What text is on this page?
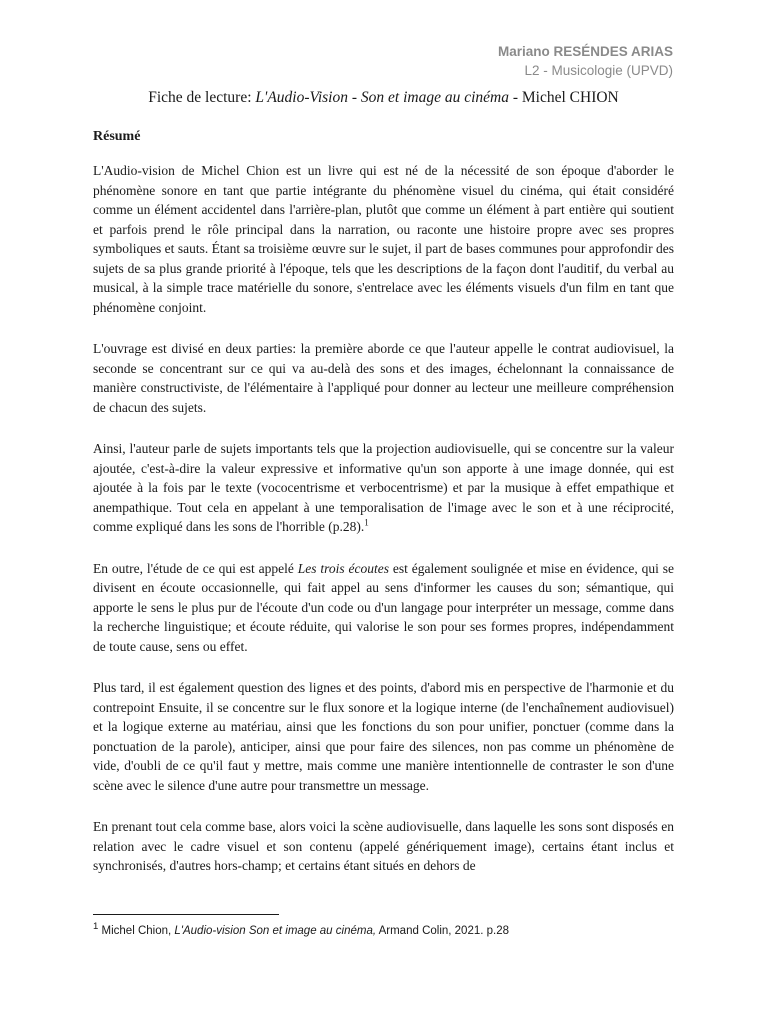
Mariano RESÉNDES ARIAS
L2 - Musicologie (UPVD)
Fiche de lecture: L'Audio-Vision - Son et image au cinéma - Michel CHION
Résumé

L'Audio-vision de Michel Chion est un livre qui est né de la nécessité de son époque d'aborder le phénomène sonore en tant que partie intégrante du phénomène visuel du cinéma, qui était considéré comme un élément accidentel dans l'arrière-plan, plutôt que comme un élément à part entière qui soutient et parfois prend le rôle principal dans la narration, ou raconte une histoire propre avec ses propres symboliques et sauts. Étant sa troisième œuvre sur le sujet, il part de bases communes pour approfondir des sujets de sa plus grande priorité à l'époque, tels que les descriptions de la façon dont l'auditif, du verbal au musical, à la simple trace matérielle du sonore, s'entrelace avec les éléments visuels d'un film en tant que phénomène conjoint.

L'ouvrage est divisé en deux parties: la première aborde ce que l'auteur appelle le contrat audiovisuel, la seconde se concentrant sur ce qui va au-delà des sons et des images, échelonnant la connaissance de manière constructiviste, de l'élémentaire à l'appliqué pour donner au lecteur une meilleure compréhension de chacun des sujets.

Ainsi, l'auteur parle de sujets importants tels que la projection audiovisuelle, qui se concentre sur la valeur ajoutée, c'est-à-dire la valeur expressive et informative qu'un son apporte à une image donnée, qui est ajoutée à la fois par le texte (vococentrisme et verbocentrisme) et par la musique à effet empathique et anempathique. Tout cela en appelant à une temporalisation de l'image avec le son et à une réciprocité, comme expliqué dans les sons de l'horrible (p.28).$^1$

En outre, l'étude de ce qui est appelé Les trois écoutes est également soulignée et mise en évidence, qui se divisent en écoute occasionnelle, qui fait appel au sens d'informer les causes du son; sémantique, qui apporte le sens le plus pur de l'écoute d'un code ou d'un langage pour interpréter un message, comme dans la recherche linguistique; et écoute réduite, qui valorise le son pour ses formes propres, indépendamment de toute cause, sens ou effet.

Plus tard, il est également question des lignes et des points, d'abord mis en perspective de l'harmonie et du contrepoint Ensuite, il se concentre sur le flux sonore et la logique interne (de l'enchaînement audiovisuel) et la logique externe au matériau, ainsi que les fonctions du son pour unifier, ponctuer (comme dans la ponctuation de la parole), anticiper, ainsi que pour faire des silences, non pas comme un phénomène de vide, d'oubli de ce qu'il faut y mettre, mais comme une manière intentionnelle de contraster le son d'une scène avec le silence d'une autre pour transmettre un message.

En prenant tout cela comme base, alors voici la scène audiovisuelle, dans laquelle les sons sont disposés en relation avec le cadre visuel et son contenu (appelé génériquement image), certains étant inclus et synchronisés, d'autres hors-champ; et certains étant situés en dehors de

$^1$ Michel Chion, L'Audio-vision Son et image au cinéma, Armand Colin, 2021. p.28
